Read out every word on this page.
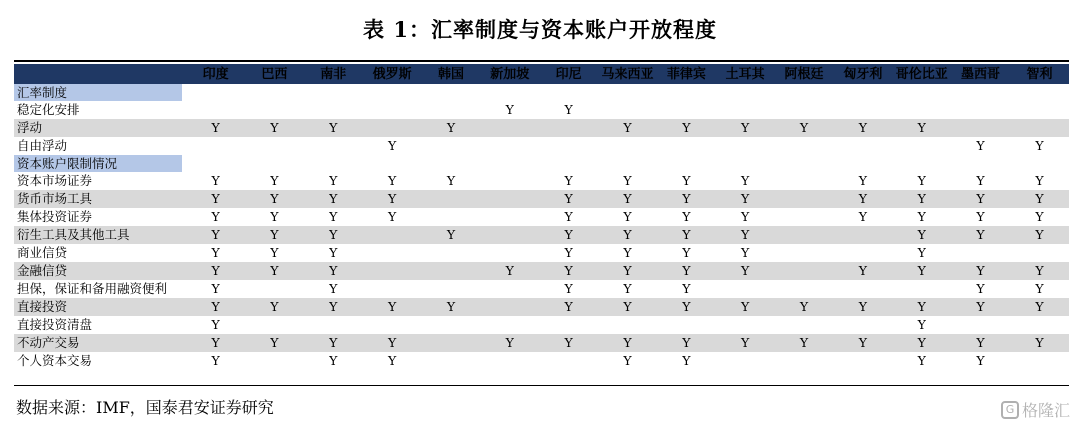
表 1：汇率制度与资本账户开放程度
	印度	巴西	南非	俄罗斯	韩国	新加坡	印尼	马来西亚	菲律宾	土耳其	阿根廷	匈牙利	哥伦比亚	墨西哥	智利
汇率制度															
稳定化安排						Y	Y								
浮动	Y	Y	Y		Y			Y	Y	Y	Y	Y	Y		
自由浮动				Y										Y	Y
资本账户限制情况															
资本市场证券	Y	Y	Y	Y	Y		Y	Y	Y	Y		Y	Y	Y	Y
货币市场工具	Y	Y	Y	Y			Y	Y	Y	Y		Y	Y	Y	Y
集体投资证券	Y	Y	Y	Y			Y	Y	Y	Y		Y	Y	Y	Y
衍生工具及其他工具	Y	Y	Y		Y		Y	Y	Y	Y			Y	Y	Y
商业信贷	Y	Y	Y				Y	Y	Y	Y			Y		
金融信贷	Y	Y	Y			Y	Y	Y	Y	Y		Y	Y	Y	Y
担保，保证和备用融资便利	Y		Y				Y	Y	Y					Y	Y
直接投资	Y	Y	Y	Y	Y		Y	Y	Y	Y	Y	Y	Y	Y	Y
直接投资清盘	Y												Y		
不动产交易	Y	Y	Y	Y		Y	Y	Y	Y	Y	Y	Y	Y	Y	Y
个人资本交易	Y		Y	Y				Y	Y				Y	Y	
数据来源：IMF，国泰君安证券研究	G 格隆汇
